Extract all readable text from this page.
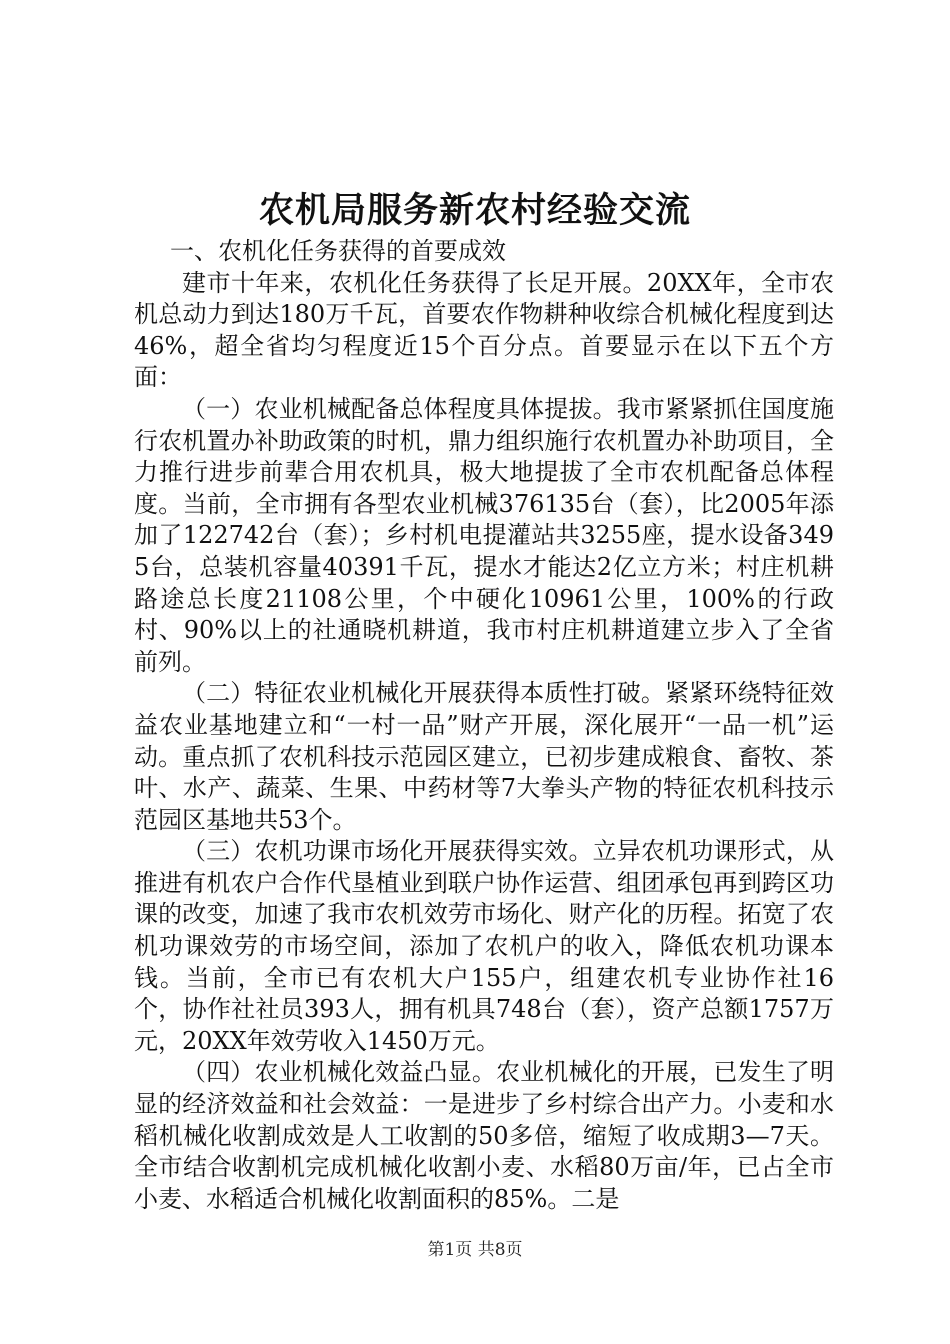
农机局服务新农村经验交流

一、农机化任务获得的首要成效

建市十年来，农机化任务获得了长足开展。20XX年，全市农机总动力到达180万千瓦，首要农作物耕种收综合机械化程度到达46%，超全省均匀程度近15个百分点。首要显示在以下五个方面：

（一）农业机械配备总体程度具体提拔。我市紧紧抓住国度施行农机置办补助政策的时机，鼎力组织施行农机置办补助项目，全力推行进步前辈合用农机具，极大地提拔了全市农机配备总体程度。当前，全市拥有各型农业机械376135台（套），比2005年添加了122742台（套）；乡村机电提灌站共3255座，提水设备3495台，总装机容量40391千瓦，提水才能达2亿立方米；村庄机耕路途总长度21108公里，个中硬化10961公里，100%的行政村、90%以上的社通晓机耕道，我市村庄机耕道建立步入了全省前列。

（二）特征农业机械化开展获得本质性打破。紧紧环绕特征效益农业基地建立和“一村一品”财产开展，深化展开“一品一机”运动。重点抓了农机科技示范园区建立，已初步建成粮食、畜牧、茶叶、水产、蔬菜、生果、中药材等7大拳头产物的特征农机科技示范园区基地共53个。

（三）农机功课市场化开展获得实效。立异农机功课形式，从推进有机农户合作代垦植业到联户协作运营、组团承包再到跨区功课的改变，加速了我市农机效劳市场化、财产化的历程。拓宽了农机功课效劳的市场空间，添加了农机户的收入，降低农机功课本钱。当前，全市已有农机大户155户，组建农机专业协作社16个，协作社社员393人，拥有机具748台（套），资产总额1757万元，20XX年效劳收入1450万元。

（四）农业机械化效益凸显。农业机械化的开展，已发生了明显的经济效益和社会效益：一是进步了乡村综合出产力。小麦和水稻机械化收割成效是人工收割的50多倍，缩短了收成期3—7天。全市结合收割机完成机械化收割小麦、水稻80万亩/年，已占全市小麦、水稻适合机械化收割面积的85%。二是

第1页 共8页
